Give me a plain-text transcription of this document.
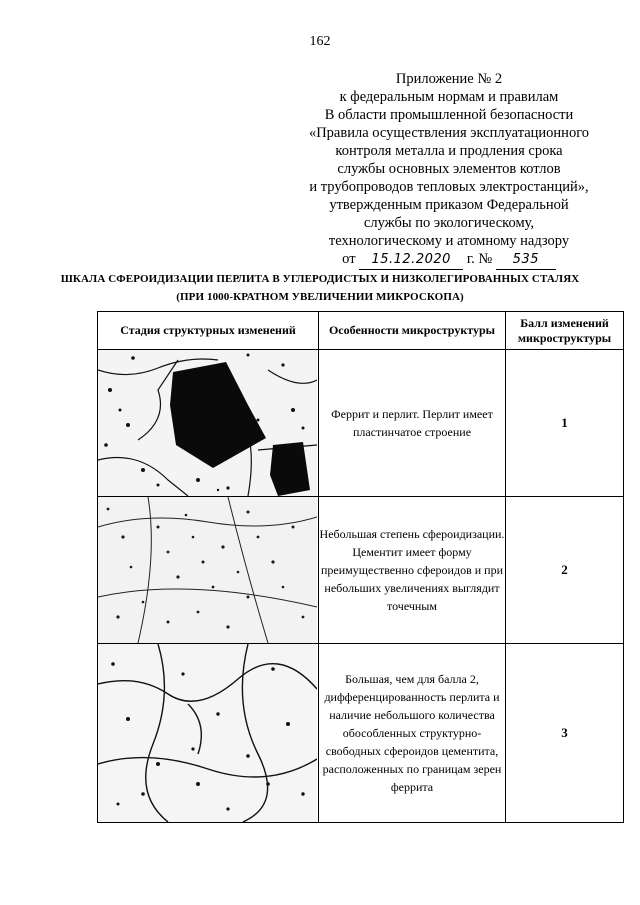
162
Приложение № 2
к федеральным нормам и правилам
В области промышленной безопасности
«Правила осуществления эксплуатационного
контроля металла и продления срока
службы основных элементов котлов
и трубопроводов тепловых электростанций»,
утвержденным приказом Федеральной
службы по экологическому,
технологическому и атомному надзору
от 15.12.2020 г. № 535
ШКАЛА СФЕРОИДИЗАЦИИ ПЕРЛИТА В УГЛЕРОДИСТЫХ И НИЗКОЛЕГИРОВАННЫХ СТАЛЯХ
(ПРИ 1000-КРАТНОМ УВЕЛИЧЕНИИ МИКРОСКОПА)
Стадия структурных изменений	Особенности микроструктуры	Балл изменений микроструктуры

	Феррит и перлит. Перлит имеет пластинчатое строение	1

	Небольшая степень сфероидизации. Цементит имеет форму преимущественно сфероидов и при небольших увеличениях выглядит точечным	2

	Большая, чем для балла 2, дифференцированность перлита и наличие небольшого количества обособленных структурно-свободных сфероидов цементита, расположенных по границам зерен феррита	3
